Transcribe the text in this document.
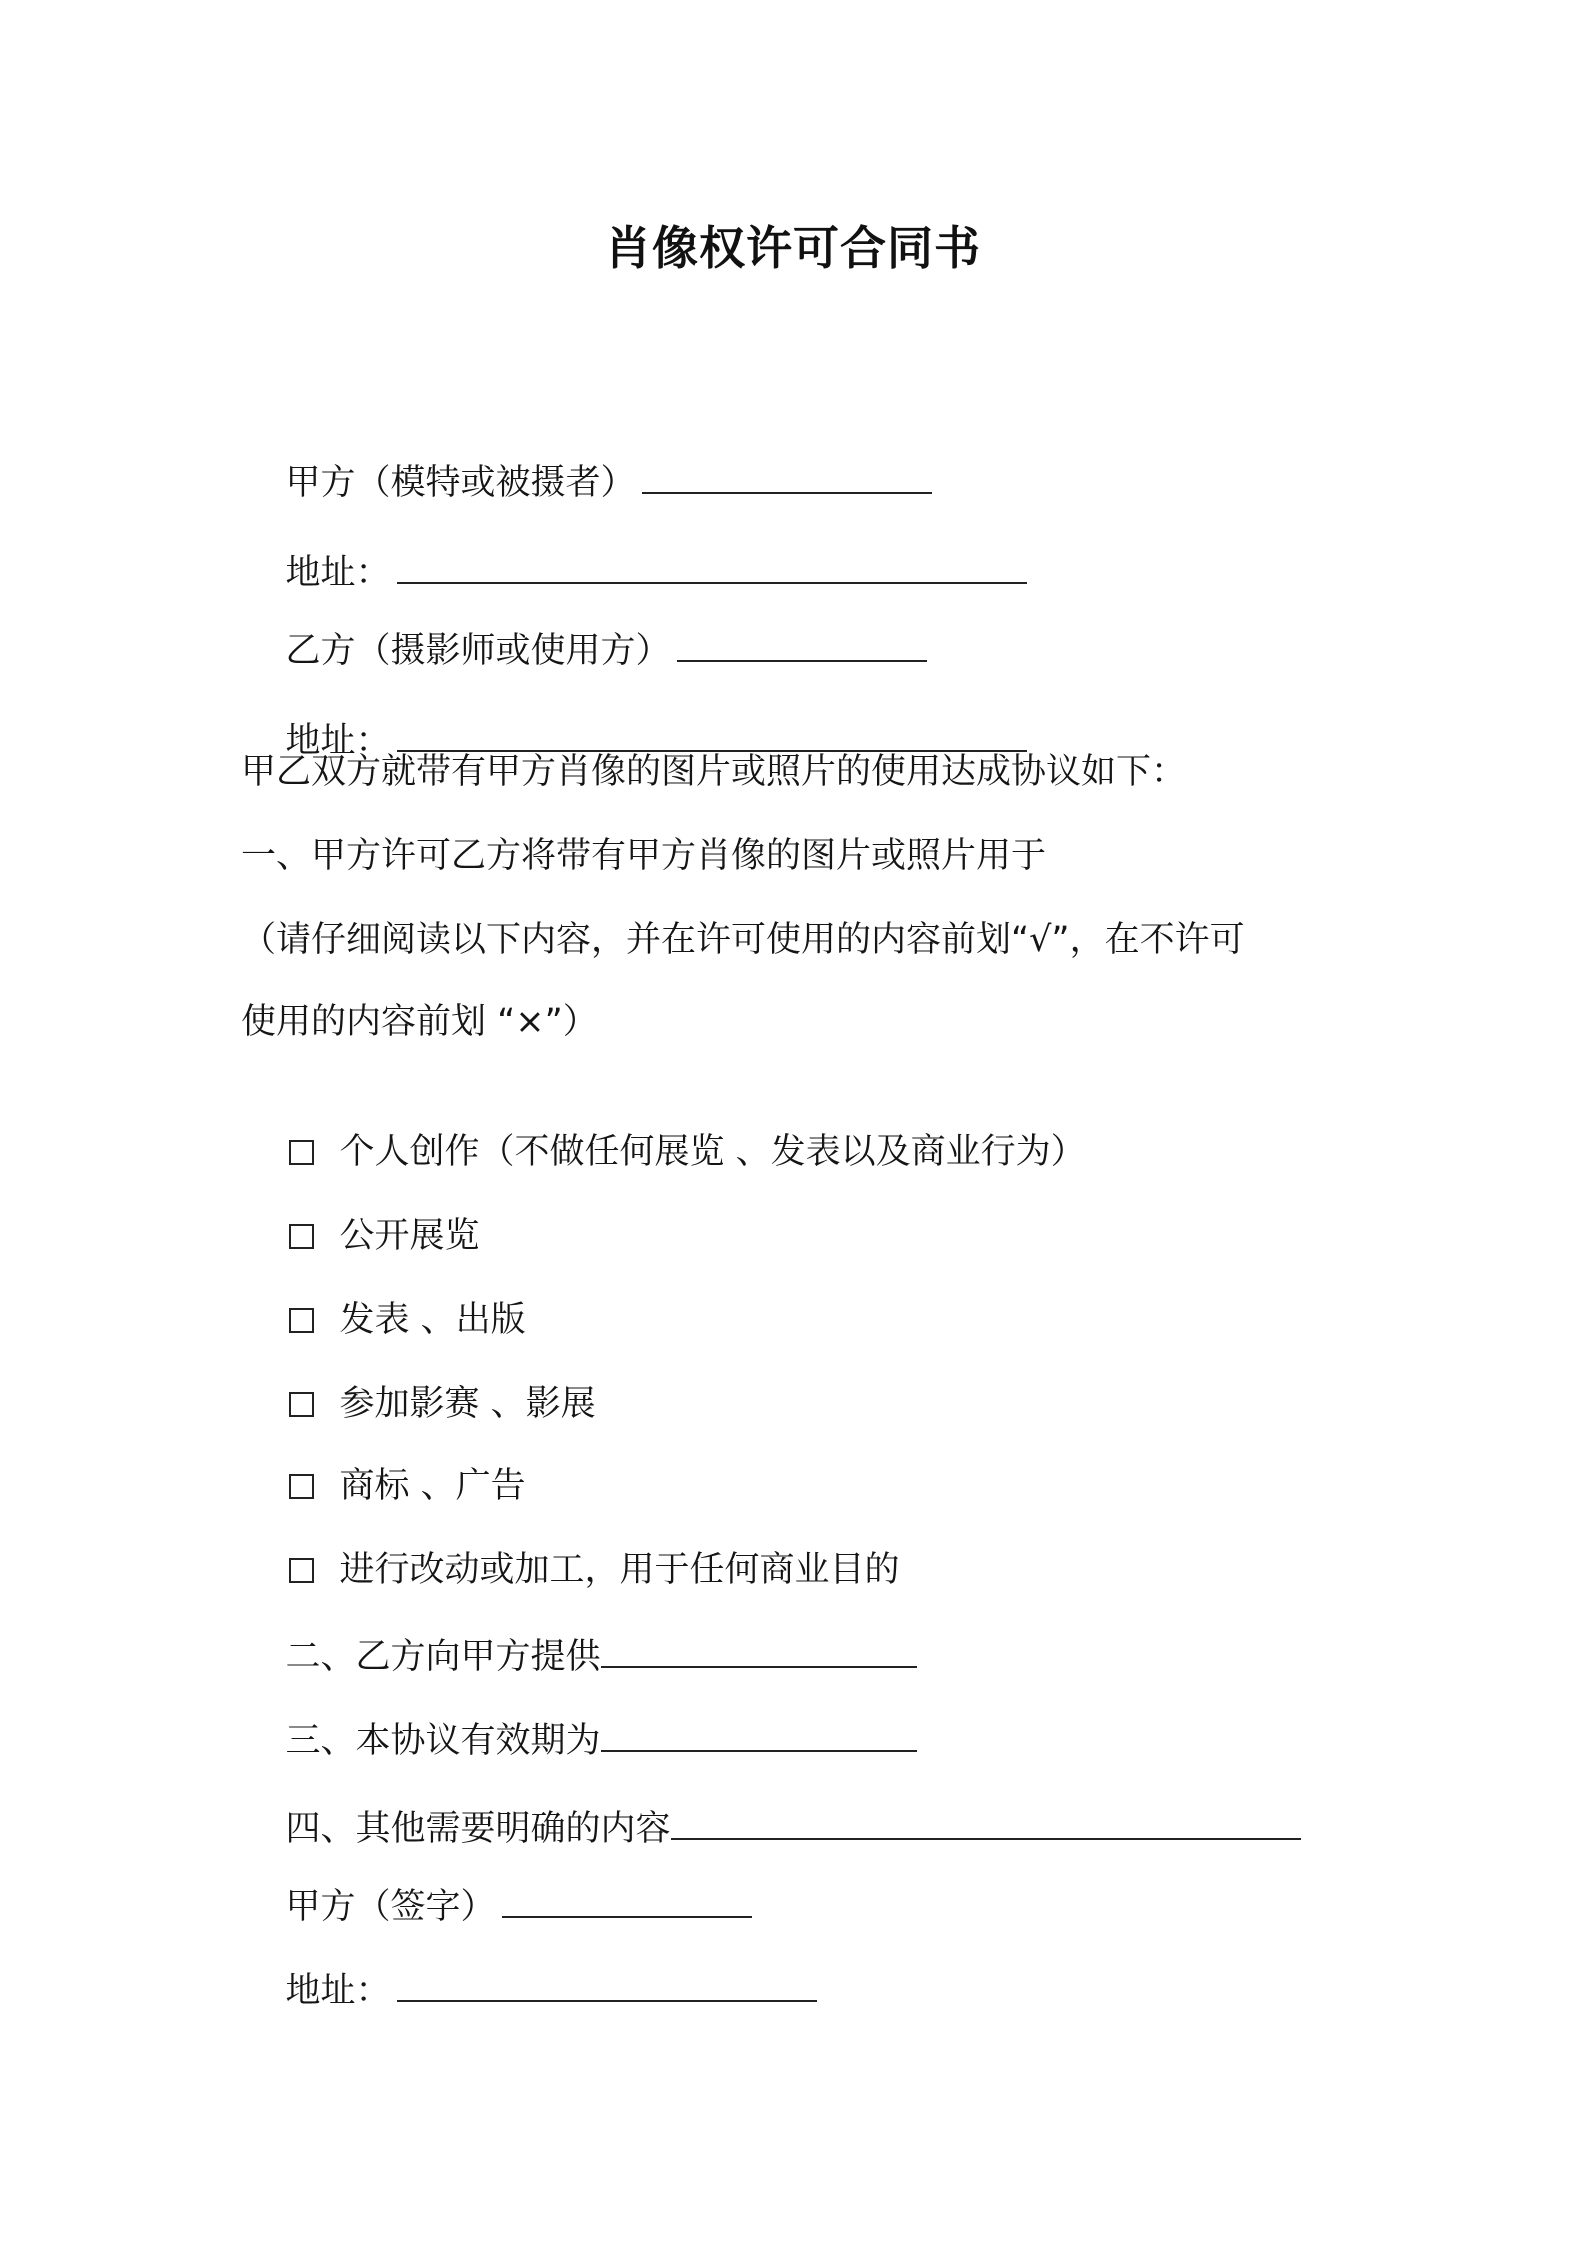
肖像权许可合同书

甲方（模特或被摄者）

地址：

乙方（摄影师或使用方）

地址：

甲乙双方就带有甲方肖像的图片或照片的使用达成协议如下：
一、甲方许可乙方将带有甲方肖像的图片或照片用于
（请仔细阅读以下内容，并在许可使用的内容前划“√”，在不许可
使用的内容前划 “×”）

个人创作（不做任何展览 、发表以及商业行为）

公开展览

发表 、出版

参加影赛 、影展

商标 、广告

进行改动或加工，用于任何商业目的

二、乙方向甲方提供

三、本协议有效期为

四、其他需要明确的内容

甲方（签字）

地址：
